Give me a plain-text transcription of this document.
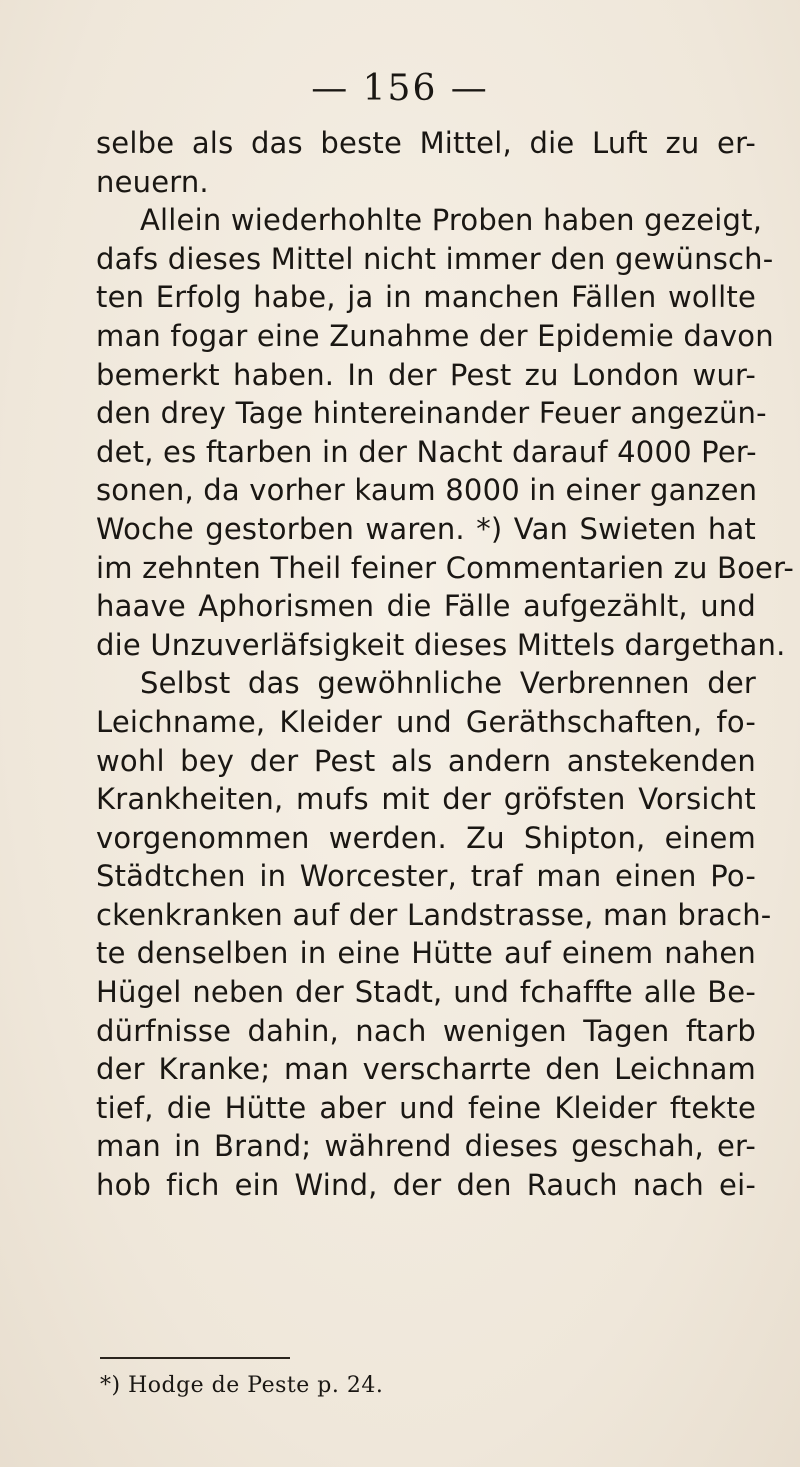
— 156 —
selbe als das beste Mittel, die Luft zu er-
neuern.
Allein wiederhohlte Proben haben gezeigt,
dafs dieses Mittel nicht immer den gewünsch-
ten Erfolg habe, ja in manchen Fällen wollte
man fogar eine Zunahme der Epidemie davon
bemerkt haben. In der Pest zu London wur-
den drey Tage hintereinander Feuer angezün-
det, es ftarben in der Nacht darauf 4000 Per-
sonen, da vorher kaum 8000 in einer ganzen
Woche gestorben waren. *) Van Swieten hat
im zehnten Theil feiner Commentarien zu Boer-
haave Aphorismen die Fälle aufgezählt, und
die Unzuverläfsigkeit dieses Mittels dargethan.
Selbst das gewöhnliche Verbrennen der
Leichname, Kleider und Geräthschaften, fo-
wohl bey der Pest als andern anstekenden
Krankheiten, mufs mit der gröfsten Vorsicht
vorgenommen werden. Zu Shipton, einem
Städtchen in Worcester, traf man einen Po-
ckenkranken auf der Landstrasse, man brach-
te denselben in eine Hütte auf einem nahen
Hügel neben der Stadt, und fchaffte alle Be-
dürfnisse dahin, nach wenigen Tagen ftarb
der Kranke; man verscharrte den Leichnam
tief, die Hütte aber und feine Kleider ftekte
man in Brand; während dieses geschah, er-
hob fich ein Wind, der den Rauch nach ei-
*) Hodge de Peste p. 24.
